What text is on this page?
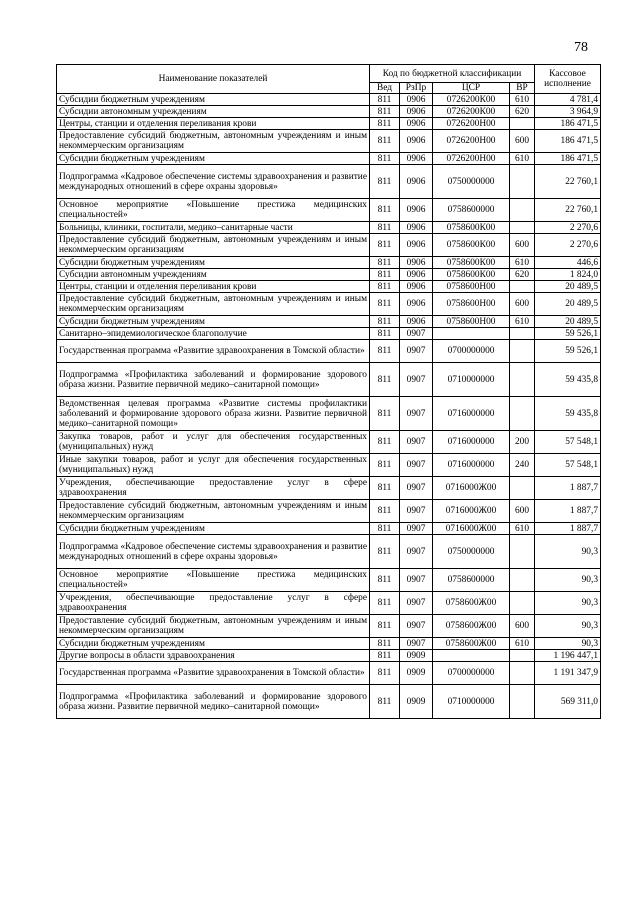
78
Наименование показателей	Код по бюджетной классификации				Кассовое исполнение
	Вед	РзПр	ЦСР	ВР	
Субсидии бюджетным учреждениям	811	0906	0726200К00	610	4 781,4
Субсидии автономным учреждениям	811	0906	0726200К00	620	3 964,9
Центры, станции и отделения переливания крови	811	0906	0726200Н00		186 471,5
Предоставление субсидий бюджетным, автономным учреждениям и иным некоммерческим организациям	811	0906	0726200Н00	600	186 471,5
Субсидии бюджетным учреждениям	811	0906	0726200Н00	610	186 471,5
Подпрограмма «Кадровое обеспечение системы здравоохранения и развитие международных отношений в сфере охраны здоровья»	811	0906	0750000000		22 760,1
Основное мероприятие «Повышение престижа медицинских специальностей»	811	0906	0758600000		22 760,1
Больницы, клиники, госпитали, медико–санитарные части	811	0906	0758600К00		2 270,6
Предоставление субсидий бюджетным, автономным учреждениям и иным некоммерческим организациям	811	0906	0758600К00	600	2 270,6
Субсидии бюджетным учреждениям	811	0906	0758600К00	610	446,6
Субсидии автономным учреждениям	811	0906	0758600К00	620	1 824,0
Центры, станции и отделения переливания крови	811	0906	0758600Н00		20 489,5
Предоставление субсидий бюджетным, автономным учреждениям и иным некоммерческим организациям	811	0906	0758600Н00	600	20 489,5
Субсидии бюджетным учреждениям	811	0906	0758600Н00	610	20 489,5
Санитарно–эпидемиологическое благополучие	811	0907			59 526,1
Государственная программа «Развитие здравоохранения в Томской области»	811	0907	0700000000		59 526,1
Подпрограмма «Профилактика заболеваний и формирование здорового образа жизни. Развитие первичной медико–санитарной помощи»	811	0907	0710000000		59 435,8
Ведомственная целевая программа «Развитие системы профилактики заболеваний и формирование здорового образа жизни. Развитие первичной медико–санитарной помощи»	811	0907	0716000000		59 435,8
Закупка товаров, работ и услуг для обеспечения государственных (муниципальных) нужд	811	0907	0716000000	200	57 548,1
Иные закупки товаров, работ и услуг для обеспечения государственных (муниципальных) нужд	811	0907	0716000000	240	57 548,1
Учреждения, обеспечивающие предоставление услуг в сфере здравоохранения	811	0907	0716000Ж00		1 887,7
Предоставление субсидий бюджетным, автономным учреждениям и иным некоммерческим организациям	811	0907	0716000Ж00	600	1 887,7
Субсидии бюджетным учреждениям	811	0907	0716000Ж00	610	1 887,7
Подпрограмма «Кадровое обеспечение системы здравоохранения и развитие международных отношений в сфере охраны здоровья»	811	0907	0750000000		90,3
Основное мероприятие «Повышение престижа медицинских специальностей»	811	0907	0758600000		90,3
Учреждения, обеспечивающие предоставление услуг в сфере здравоохранения	811	0907	0758600Ж00		90,3
Предоставление субсидий бюджетным, автономным учреждениям и иным некоммерческим организациям	811	0907	0758600Ж00	600	90,3
Субсидии бюджетным учреждениям	811	0907	0758600Ж00	610	90,3
Другие вопросы в области здравоохранения	811	0909			1 196 447,1
Государственная программа «Развитие здравоохранения в Томской области»	811	0909	0700000000		1 191 347,9
Подпрограмма «Профилактика заболеваний и формирование здорового образа жизни. Развитие первичной медико–санитарной помощи»	811	0909	0710000000		569 311,0
